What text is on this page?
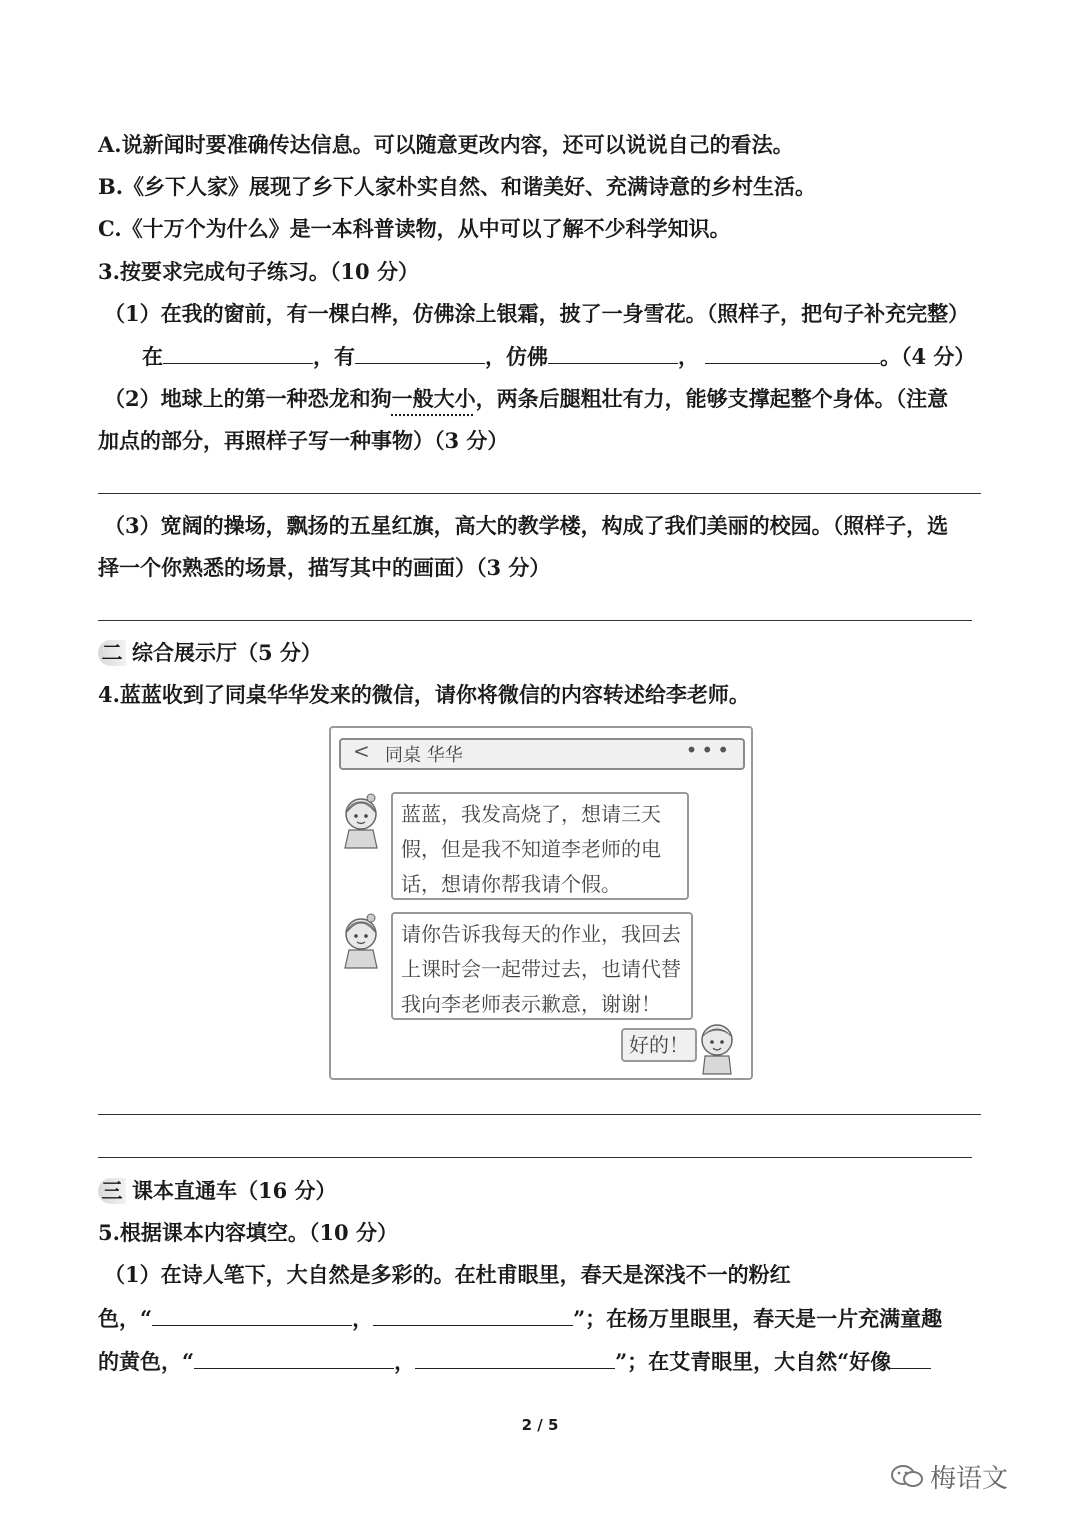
A.说新闻时要准确传达信息。可以随意更改内容，还可以说说自己的看法。
B.《乡下人家》展现了乡下人家朴实自然、和谐美好、充满诗意的乡村生活。
C.《十万个为什么》是一本科普读物，从中可以了解不少科学知识。
3.按要求完成句子练习。（10 分）
（1）在我的窗前，有一棵白桦，仿佛涂上银霜，披了一身雪花。（照样子，把句子补充完整）
在	，有	，仿佛	，	。（4 分）
（2）地球上的第一种恐龙和狗一般大小，两条后腿粗壮有力，能够支撑起整个身体。（注意
加点的部分，再照样子写一种事物）（3 分）
（3）宽阔的操场，飘扬的五星红旗，高大的教学楼，构成了我们美丽的校园。（照样子，选
择一个你熟悉的场景，描写其中的画面）（3 分）
二 综合展示厅（5 分）
4.蓝蓝收到了同桌华华发来的微信，请你将微信的内容转述给李老师。
< 同桌 华华	•••
蓝蓝，我发高烧了，想请三天
假，但是我不知道李老师的电
话，想请你帮我请个假。
请你告诉我每天的作业，我回去
上课时会一起带过去，也请代替
我向李老师表示歉意，谢谢！
好的！
三 课本直通车（16 分）
5.根据课本内容填空。（10 分）
（1）在诗人笔下，大自然是多彩的。在杜甫眼里，春天是深浅不一的粉红
色，“	，	”；在杨万里眼里，春天是一片充满童趣
的黄色，“	，	”；在艾青眼里，大自然“好像
2 / 5
梅语文
